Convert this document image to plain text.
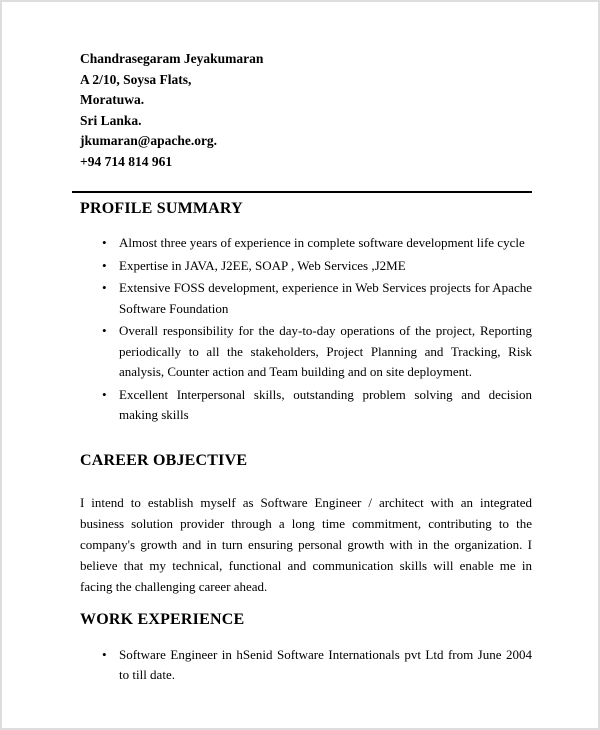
Chandrasegaram Jeyakumaran
A 2/10, Soysa Flats,
Moratuwa.
Sri Lanka.
jkumaran@apache.org.
+94 714 814 961
PROFILE SUMMARY
• Almost three years of experience in complete software development life cycle
• Expertise in JAVA, J2EE, SOAP , Web Services ,J2ME
• Extensive FOSS development, experience in Web Services projects for Apache Software Foundation
• Overall responsibility for the day-to-day operations of the project, Reporting periodically to all the stakeholders, Project Planning and Tracking, Risk analysis, Counter action and Team building and on site deployment.
• Excellent Interpersonal skills, outstanding problem solving and decision making skills
CAREER OBJECTIVE

I intend to establish myself as Software Engineer / architect with an integrated business solution provider through a long time commitment, contributing to the company's growth and in turn ensuring personal growth with in the organization. I believe that my technical, functional and communication skills will enable me in facing the challenging career ahead.

WORK EXPERIENCE
• Software Engineer in hSenid Software Internationals pvt Ltd from June 2004 to till date.
